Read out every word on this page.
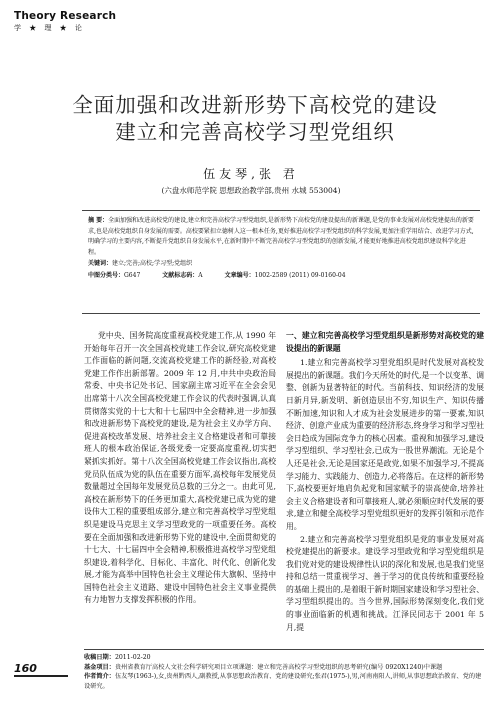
Theory Research
学 ★ 理 ★ 论
全面加强和改进新形势下高校党的建设
建立和完善高校学习型党组织
伍友琴,张 君
(六盘水师范学院 思想政治教学部,贵州 水城 553004)
摘 要：全面加强和改进高校党的建设,建立和完善高校学习型党组织,是新形势下高校党的建设提出的新课题,是党的事业发展对高校党建提出的新要求,也是高校党组织自身发展的需要。高校要紧扣立德树人这一根本任务,更好推进高校学习型党组织的科学发展,更加注重学用结合、改进学习方式,明确学习的主要内容,不断提升党组织自身发展水平,在新时期中不断完善高校学习型党组织的创新发展,才能更好地推进高校党组织建设科学化进程。
关键词：建立;完善;高校;学习型;党组织
中图分类号：G647	文献标志码：A	文章编号：1002-2589 (2011) 09-0160-04
党中央、国务院高度重视高校党建工作,从 1990 年开始每年召开一次全国高校党建工作会议,研究高校党建工作面临的新问题,交流高校党建工作的新经验,对高校党建工作作出新部署。2009 年 12 月,中共中央政治局常委、中央书记处书记、国家副主席习近平在全会会见出席第十八次全国高校党建工作会议的代表时强调,认真贯彻落实党的十七大和十七届四中全会精神,进一步加强和改进新形势下高校党的建设,是为社会主义办学方向、促进高校改革发展、培养社会主义合格建设者和可靠接班人的根本政治保证,各级党委一定要高度重视,切实把紧抓实抓好。第十八次全国高校党建工作会议指出,高校党员队伍成为党的队伍在重要方面军,高校每年发展党员数量超过全国每年发展党员总数的三分之一。由此可见,高校在新形势下的任务更加重大,高校党建已成为党的建设伟大工程的重要组成部分,建立和完善高校学习型党组织是建设马克思主义学习型政党的一项重要任务。高校要在全面加强和改进新形势下党的建设中,全面贯彻党的十七大、十七届四中全会精神,积极推进高校学习型党组织建设,着科学化、目标化、丰富化、时代化、创新化发展,才能为高举中国特色社会主义理论伟大旗帜、坚持中国特色社会主义道路、建设中国特色社会主义事业提供有力地智力支撑发挥积极的作用。
一、建立和完善高校学习型党组织是新形势对高校党的建设提出的新课题

1.建立和完善高校学习型党组织是时代发展对高校发展提出的新课题。我们今天所处的时代,是一个以变革、调整、创新为显著特征的时代。当前科技、知识经济的发展日新月异,新发明、新创造层出不穷,知识生产、知识传播不断加速,知识和人才成为社会发展进步的第一要素,知识经济、创意产业成为重要的经济形态,终身学习和学习型社会日趋成为国际竞争力的核心因素。重视和加强学习,建设学习型组织、学习型社会,已成为一股世界潮流。无论是个人还是社会,无论是国家还是政党,如果不加强学习,不提高学习能力、实践能力、创造力,必将落后。在这样的新形势下,高校要更好地肩负起党和国家赋予的崇高使命,培养社会主义合格建设者和可靠接班人,就必须顺应时代发展的要求,建立和健全高校学习型党组织更好的发挥引领和示范作用。

2.建立和完善高校学习型党组织是党的事业发展对高校党建提出的新要求。建设学习型政党和学习型党组织是我们党对党的建设规律性认识的深化和发展,也是我们党坚持和总结一贯重视学习、善于学习的优良传统和重要经验的基础上提出的,是着眼于新时期国家建设和学习型社会、学习型组织提出的。当今世界,国际形势深刻变化,我们党的事业面临新的机遇和挑战。江泽民同志于 2001 年 5 月,提

160
收稿日期：2011-02-20
基金项目：贵州省教育厅高校人文社会科学研究项目立项课题：建立和完善高校学习型党组织的思考研究(编号 0920X1240)中课题
作者简介：伍友琴(1963-),女,贵州黔西人,副教授,从事思想政治教育、党的建设研究;张君(1975-),男,河南南阳人,讲师,从事思想政治教育、党的建设研究。
